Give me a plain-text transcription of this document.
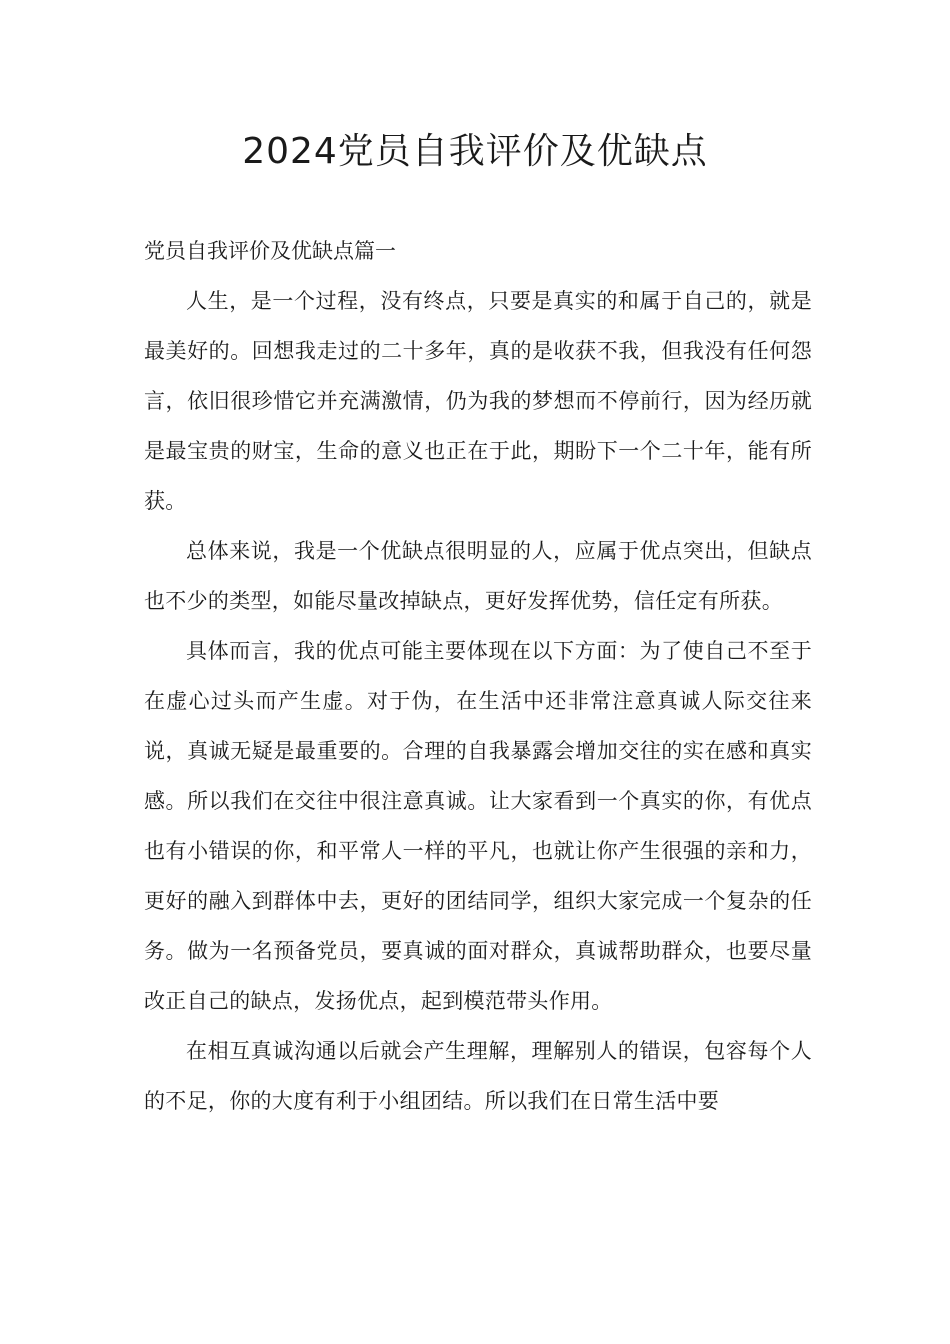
2024党员自我评价及优缺点

党员自我评价及优缺点篇一

人生，是一个过程，没有终点，只要是真实的和属于自己的，就是最美好的。回想我走过的二十多年，真的是收获不我，但我没有任何怨言，依旧很珍惜它并充满激情，仍为我的梦想而不停前行，因为经历就是最宝贵的财宝，生命的意义也正在于此，期盼下一个二十年，能有所获。

总体来说，我是一个优缺点很明显的人，应属于优点突出，但缺点也不少的类型，如能尽量改掉缺点，更好发挥优势，信任定有所获。

具体而言，我的优点可能主要体现在以下方面：为了使自己不至于在虚心过头而产生虚。对于伪，在生活中还非常注意真诚人际交往来说，真诚无疑是最重要的。合理的自我暴露会增加交往的实在感和真实感。所以我们在交往中很注意真诚。让大家看到一个真实的你，有优点也有小错误的你，和平常人一样的平凡，也就让你产生很强的亲和力，更好的融入到群体中去，更好的团结同学，组织大家完成一个复杂的任务。做为一名预备党员，要真诚的面对群众，真诚帮助群众，也要尽量改正自己的缺点，发扬优点，起到模范带头作用。

在相互真诚沟通以后就会产生理解，理解别人的错误，包容每个人的不足，你的大度有利于小组团结。所以我们在日常生活中要
